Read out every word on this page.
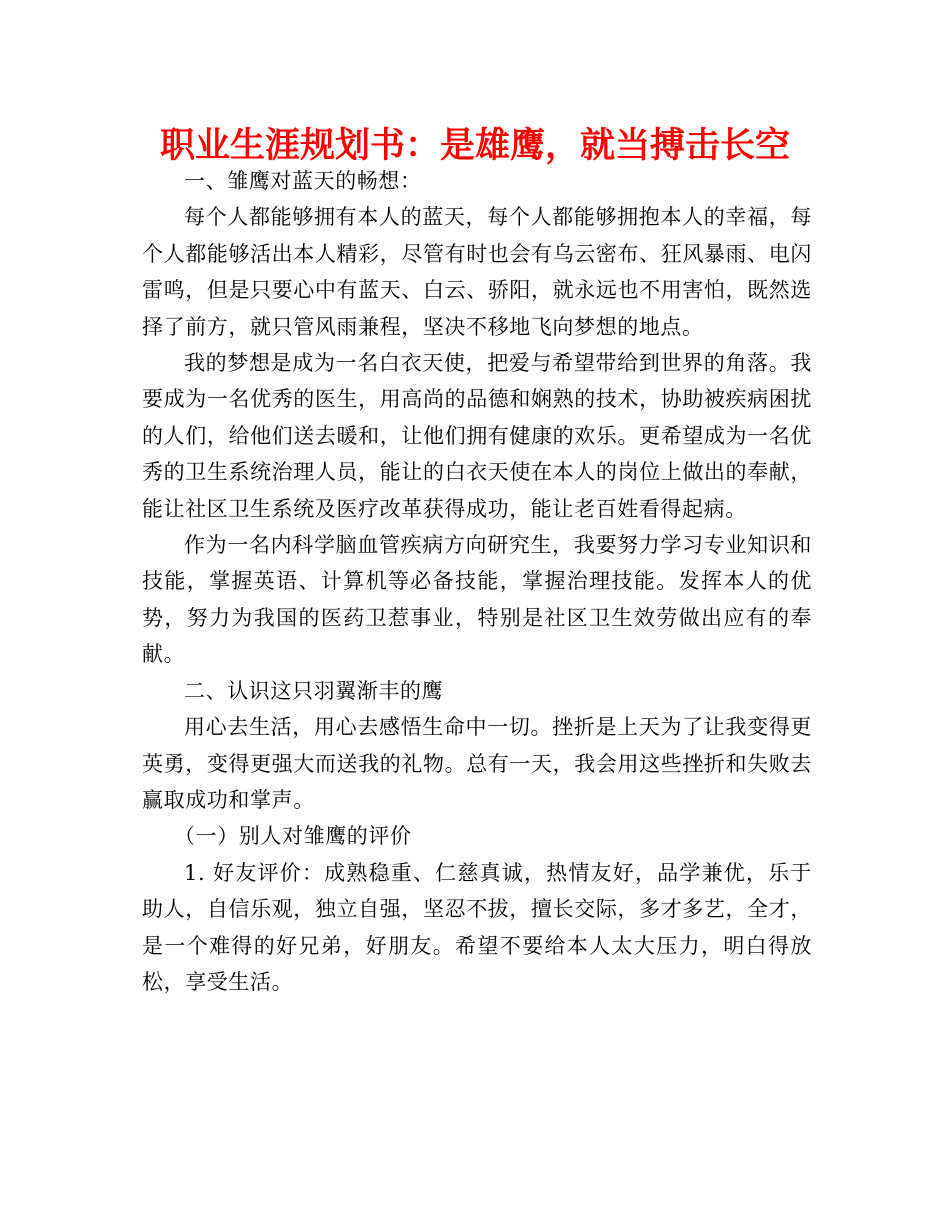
职业生涯规划书：是雄鹰，就当搏击长空

一、雏鹰对蓝天的畅想：

每个人都能够拥有本人的蓝天，每个人都能够拥抱本人的幸福，每个人都能够活出本人精彩，尽管有时也会有乌云密布、狂风暴雨、电闪雷鸣，但是只要心中有蓝天、白云、骄阳，就永远也不用害怕，既然选择了前方，就只管风雨兼程，坚决不移地飞向梦想的地点。

我的梦想是成为一名白衣天使，把爱与希望带给到世界的角落。我要成为一名优秀的医生，用高尚的品德和娴熟的技术，协助被疾病困扰的人们，给他们送去暖和，让他们拥有健康的欢乐。更希望成为一名优秀的卫生系统治理人员，能让的白衣天使在本人的岗位上做出的奉献，能让社区卫生系统及医疗改革获得成功，能让老百姓看得起病。

作为一名内科学脑血管疾病方向研究生，我要努力学习专业知识和技能，掌握英语、计算机等必备技能，掌握治理技能。发挥本人的优势，努力为我国的医药卫惹事业，特别是社区卫生效劳做出应有的奉献。

二、认识这只羽翼渐丰的鹰

用心去生活，用心去感悟生命中一切。挫折是上天为了让我变得更英勇，变得更强大而送我的礼物。总有一天，我会用这些挫折和失败去赢取成功和掌声。

（一）别人对雏鹰的评价

1. 好友评价：成熟稳重、仁慈真诚，热情友好，品学兼优，乐于助人，自信乐观，独立自强，坚忍不拔，擅长交际，多才多艺，全才，是一个难得的好兄弟，好朋友。希望不要给本人太大压力，明白得放松，享受生活。
